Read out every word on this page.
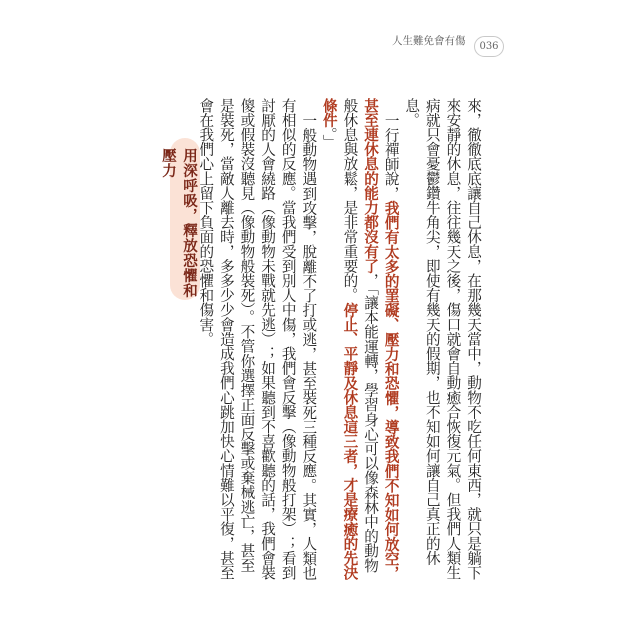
人生難免會有傷	036
用深呼吸，釋放恐懼和壓力	來，徹徹底底讓自己休息，在那幾天當中，動物不吃任何東西，就只是躺下來安靜的休息，往往幾天之後，傷口就會自動癒合恢復元氣。但我們人類生病就只會憂鬱鑽牛角尖，即使有幾天的假期，也不知如何讓自己真正的休息。

一行禪師說，我們有太多的罣礙、壓力和恐懼，導致我們不知如何放空，甚至連休息的能力都沒有了，「讓本能運轉，學習身心可以像森林中的動物般休息與放鬆，是非常重要的。停止、平靜及休息這三者，才是療癒的先決條件。」

一般動物遇到攻擊，脫離不了打或逃，甚至裝死三種反應。其實，人類也有相似的反應。當我們受到別人中傷，我們會反擊（像動物般打架）；看到討厭的人會繞路（像動物未戰就先逃）；如果聽到不喜歡聽的話，我們會裝傻或假裝沒聽見（像動物般裝死）。不管你選擇正面反擊或棄械逃亡，甚至是裝死，當敵人離去時，多多少少會造成我們心跳加快心情難以平復，甚至會在我們心上留下負面的恐懼和傷害。
